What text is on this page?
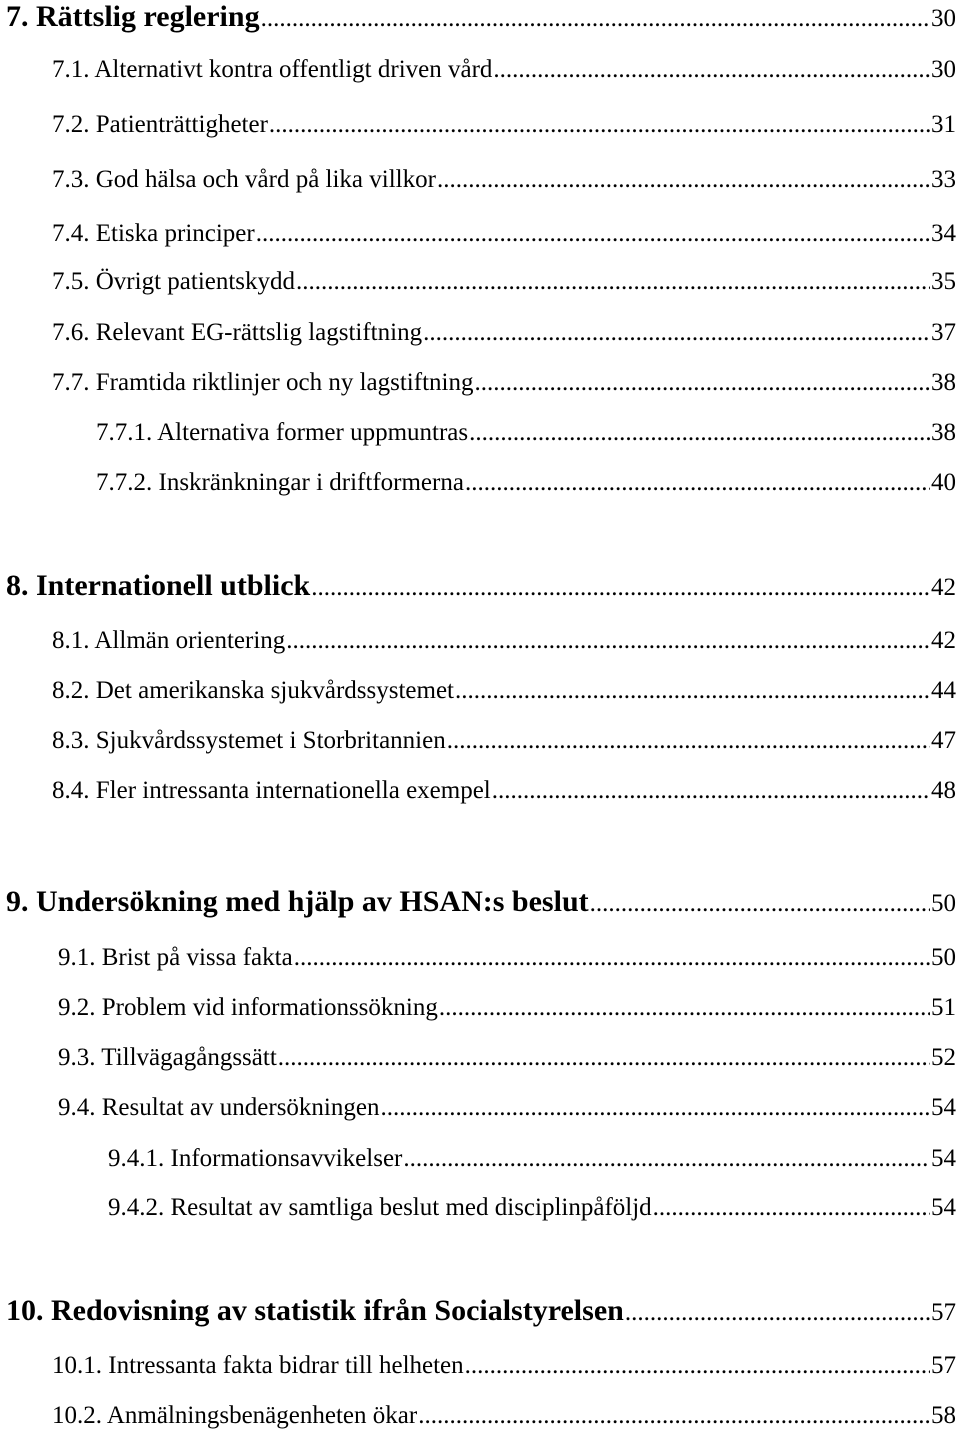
7. Rättslig reglering .....	30
7.1. Alternativt kontra offentligt driven vård .....	30
7.2. Patienträttigheter .....	31
7.3. God hälsa och vård på lika villkor .....	33
7.4. Etiska principer .....	34
7.5. Övrigt patientskydd .....	35
7.6. Relevant EG-rättslig lagstiftning .....	37
7.7. Framtida riktlinjer och ny lagstiftning .....	38
7.7.1. Alternativa former uppmuntras .....	38
7.7.2. Inskränkningar i driftformerna .....	40
8. Internationell utblick .....	42
8.1. Allmän orientering .....	42
8.2. Det amerikanska sjukvårdssystemet .....	44
8.3. Sjukvårdssystemet i Storbritannien .....	47
8.4. Fler intressanta internationella exempel .....	48
9. Undersökning med hjälp av HSAN:s beslut .....	50
9.1. Brist på vissa fakta .....	50
9.2. Problem vid informationssökning .....	51
9.3. Tillvägagångssätt .....	52
9.4. Resultat av undersökningen .....	54
9.4.1. Informationsavvikelser .....	54
9.4.2. Resultat av samtliga beslut med disciplinpåföljd .....	54
10. Redovisning av statistik ifrån Socialstyrelsen .....	57
10.1. Intressanta fakta bidrar till helheten .....	57
10.2. Anmälningsbenägenheten ökar .....	58
